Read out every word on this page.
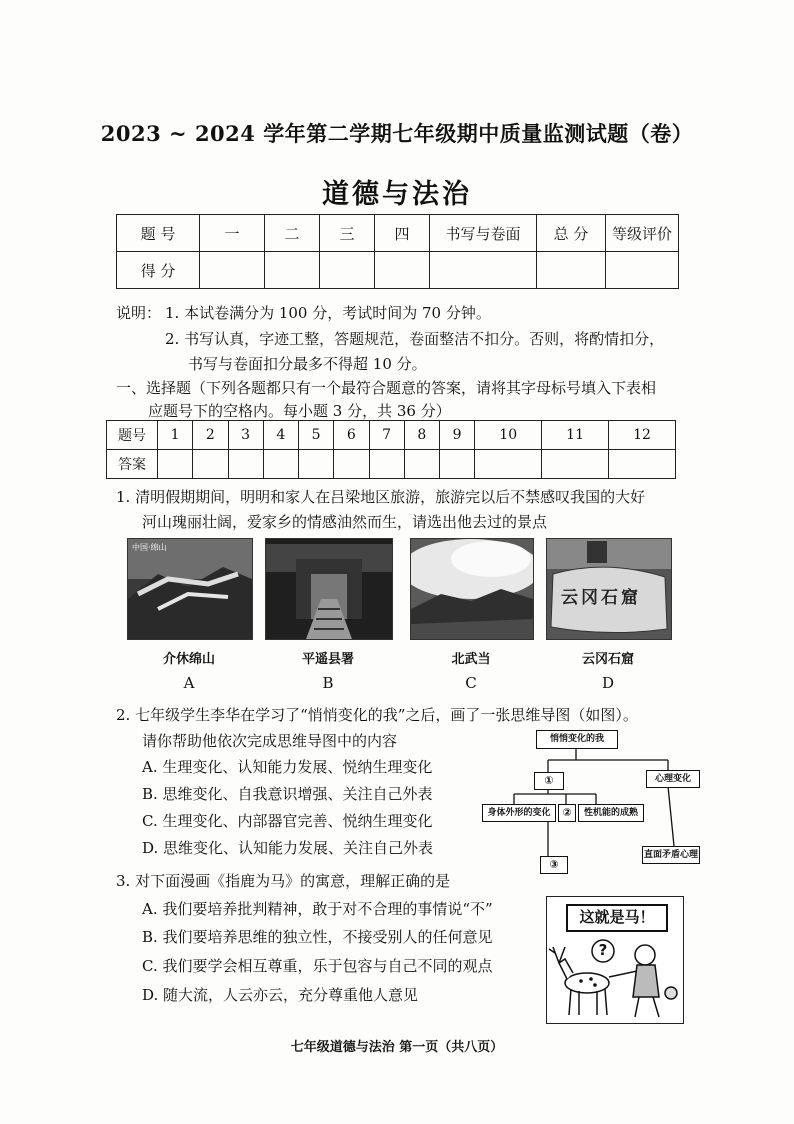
2023 ~ 2024 学年第二学期七年级期中质量监测试题（卷）
道德与法治
题 号	一	二	三	四	书写与卷面	总 分	等级评价
得 分							
说明： 1. 本试卷满分为 100 分，考试时间为 70 分钟。
2. 书写认真，字迹工整，答题规范，卷面整洁不扣分。否则，将酌情扣分，
书写与卷面扣分最多不得超 10 分。
一、选择题（下列各题都只有一个最符合题意的答案，请将其字母标号填入下表相
应题号下的空格内。每小题 3 分，共 36 分）
题号	1	2	3	4	5	6	7	8	9	10	11	12
答案												
1. 清明假期期间，明明和家人在吕梁地区旅游，旅游完以后不禁感叹我国的大好
河山瑰丽壮阔，爱家乡的情感油然而生，请选出他去过的景点
中国·绵山
介休绵山
A
平遥县署
B
北武当
C
云冈石窟
云冈石窟
D
2. 七年级学生李华在学习了“悄悄变化的我”之后，画了一张思维导图（如图）。
请你帮助他依次完成思维导图中的内容
A. 生理变化、认知能力发展、悦纳生理变化
B. 思维变化、自我意识增强、关注自己外表
C. 生理变化、内部器官完善、悦纳生理变化
D. 思维变化、认知能力发展、关注自己外表
悄悄变化的我
①	心理变化
身体外形的变化	②	性机能的成熟
③
直面矛盾心理
3. 对下面漫画《指鹿为马》的寓意，理解正确的是
A. 我们要培养批判精神，敢于对不合理的事情说“不”
B. 我们要培养思维的独立性，不接受别人的任何意见
C. 我们要学会相互尊重，乐于包容与自己不同的观点
D. 随大流，人云亦云，充分尊重他人意见
这就是马！
?
七年级道德与法治 第一页（共八页）
